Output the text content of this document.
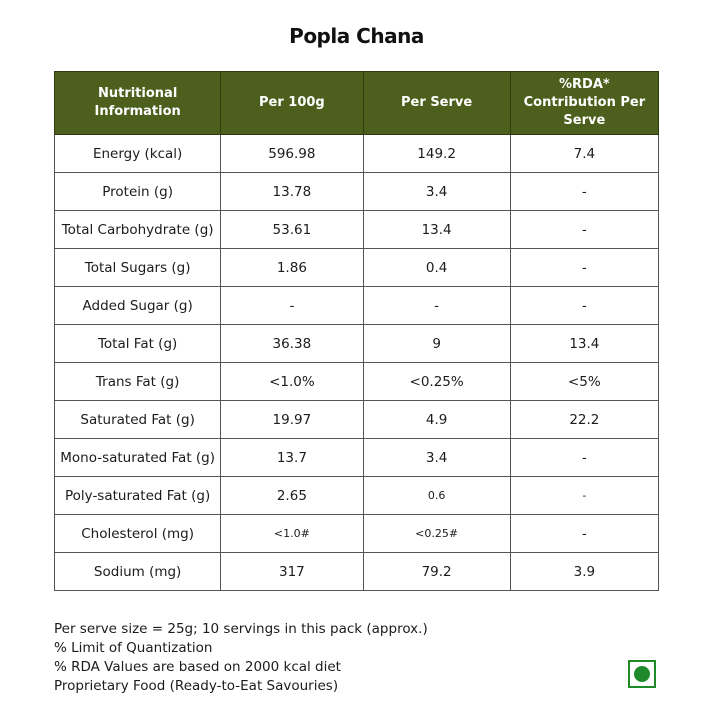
Popla Chana
Nutritional Information	Per 100g	Per Serve	%RDA* Contribution Per Serve
Energy (kcal)	596.98	149.2	7.4
Protein (g)	13.78	3.4	-
Total Carbohydrate (g)	53.61	13.4	-
Total Sugars (g)	1.86	0.4	-
Added Sugar (g)	-	-	-
Total Fat (g)	36.38	9	13.4
Trans Fat (g)	<1.0%	<0.25%	<5%
Saturated Fat (g)	19.97	4.9	22.2
Mono-saturated Fat (g)	13.7	3.4	-
Poly-saturated Fat (g)	2.65	0.6	-
Cholesterol (mg)	<1.0#	<0.25#	-
Sodium (mg)	317	79.2	3.9
Per serve size = 25g; 10 servings in this pack (approx.)
% Limit of Quantization
% RDA Values are based on 2000 kcal diet
Proprietary Food (Ready-to-Eat Savouries)
